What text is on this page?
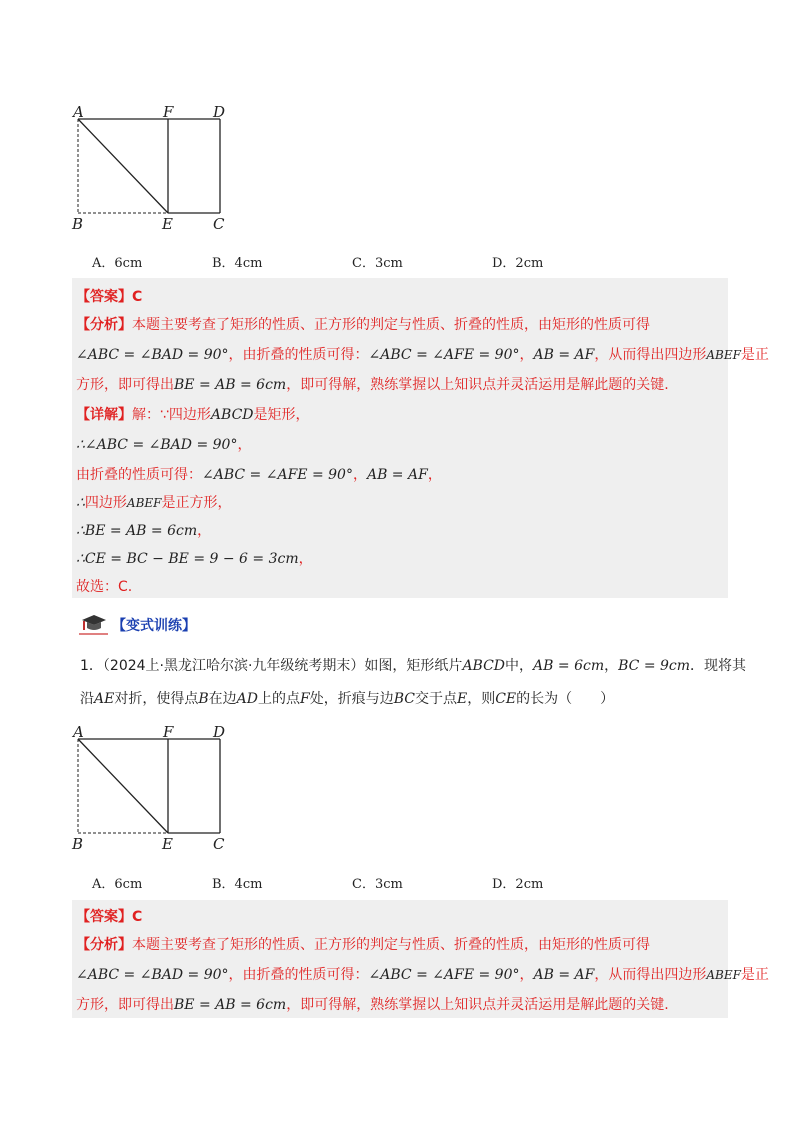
A	F	D
B	E	C
A．6cm	B．4cm	C．3cm	D．2cm
【答案】C
【分析】本题主要考查了矩形的性质、正方形的判定与性质、折叠的性质，由矩形的性质可得
∠ABC = ∠BAD = 90°，由折叠的性质可得：∠ABC = ∠AFE = 90°，AB = AF，从而得出四边形ABEF是正
方形，即可得出BE = AB = 6cm，即可得解，熟练掌握以上知识点并灵活运用是解此题的关键.
【详解】解：∵四边形ABCD是矩形，
∴∠ABC = ∠BAD = 90°，
由折叠的性质可得：∠ABC = ∠AFE = 90°，AB = AF，
∴四边形ABEF是正方形，
∴BE = AB = 6cm，
∴CE = BC − BE = 9 − 6 = 3cm，
故选：C.
【变式训练】
1．（2024上·黑龙江哈尔滨·九年级统考期末）如图，矩形纸片ABCD中，AB = 6cm，BC = 9cm．现将其
沿AE对折，使得点B在边AD上的点F处，折痕与边BC交于点E，则CE的长为（　　）
A	F	D
B	E	C
A．6cm	B．4cm	C．3cm	D．2cm
【答案】C
【分析】本题主要考查了矩形的性质、正方形的判定与性质、折叠的性质，由矩形的性质可得
∠ABC = ∠BAD = 90°，由折叠的性质可得：∠ABC = ∠AFE = 90°，AB = AF，从而得出四边形ABEF是正
方形，即可得出BE = AB = 6cm，即可得解，熟练掌握以上知识点并灵活运用是解此题的关键.
